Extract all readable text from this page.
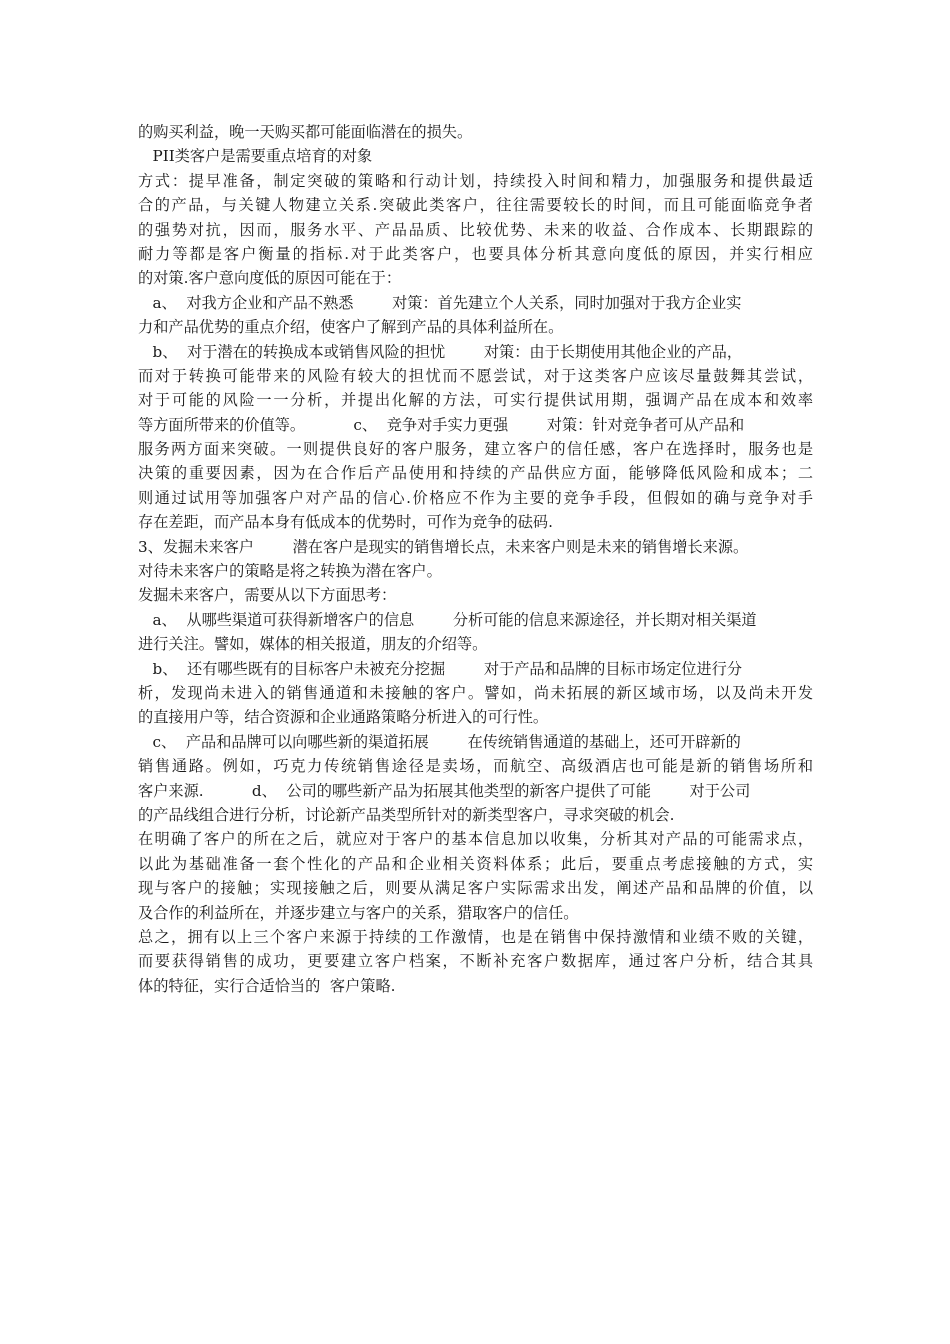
的购买利益，晚一天购买都可能面临潜在的损失。
PII类客户是需要重点培育的对象
方式：提早准备，制定突破的策略和行动计划，持续投入时间和精力，加强服务和提供最适
合的产品，与关键人物建立关系.突破此类客户，往往需要较长的时间，而且可能面临竞争者
的强势对抗，因而，服务水平、产品品质、比较优势、未来的收益、合作成本、长期跟踪的
耐力等都是客户衡量的指标.对于此类客户，也要具体分析其意向度低的原因，并实行相应
的对策.客户意向度低的原因可能在于：
a、  对我方企业和产品不熟悉        对策：首先建立个人关系，同时加强对于我方企业实
力和产品优势的重点介绍，使客户了解到产品的具体利益所在。
b、  对于潜在的转换成本或销售风险的担忧        对策：由于长期使用其他企业的产品，
而对于转换可能带来的风险有较大的担忧而不愿尝试，对于这类客户应该尽量鼓舞其尝试，
对于可能的风险一一分析，并提出化解的方法，可实行提供试用期，强调产品在成本和效率
等方面所带来的价值等。          c、  竞争对手实力更强        对策：针对竞争者可从产品和
服务两方面来突破。一则提供良好的客户服务，建立客户的信任感，客户在选择时，服务也是
决策的重要因素，因为在合作后产品使用和持续的产品供应方面，能够降低风险和成本；二
则通过试用等加强客户对产品的信心.价格应不作为主要的竞争手段，但假如的确与竞争对手
存在差距，而产品本身有低成本的优势时，可作为竞争的砝码.
3、发掘未来客户        潜在客户是现实的销售增长点，未来客户则是未来的销售增长来源。
对待未来客户的策略是将之转换为潜在客户。
发掘未来客户，需要从以下方面思考：
a、  从哪些渠道可获得新增客户的信息        分析可能的信息来源途径，并长期对相关渠道
进行关注。譬如，媒体的相关报道，朋友的介绍等。
b、  还有哪些既有的目标客户未被充分挖掘        对于产品和品牌的目标市场定位进行分
析，发现尚未进入的销售通道和未接触的客户。譬如，尚未拓展的新区域市场，以及尚未开发
的直接用户等，结合资源和企业通路策略分析进入的可行性。
c、  产品和品牌可以向哪些新的渠道拓展        在传统销售通道的基础上，还可开辟新的
销售通路。例如，巧克力传统销售途径是卖场，而航空、高级酒店也可能是新的销售场所和
客户来源.          d、  公司的哪些新产品为拓展其他类型的新客户提供了可能        对于公司
的产品线组合进行分析，讨论新产品类型所针对的新类型客户，寻求突破的机会.
在明确了客户的所在之后，就应对于客户的基本信息加以收集，分析其对产品的可能需求点，
以此为基础准备一套个性化的产品和企业相关资料体系；此后，要重点考虑接触的方式，实
现与客户的接触；实现接触之后，则要从满足客户实际需求出发，阐述产品和品牌的价值，以
及合作的利益所在，并逐步建立与客户的关系，猎取客户的信任。
总之，拥有以上三个客户来源于持续的工作激情，也是在销售中保持激情和业绩不败的关键，
而要获得销售的成功，更要建立客户档案，不断补充客户数据库，通过客户分析，结合其具
体的特征，实行合适恰当的  客户策略.
